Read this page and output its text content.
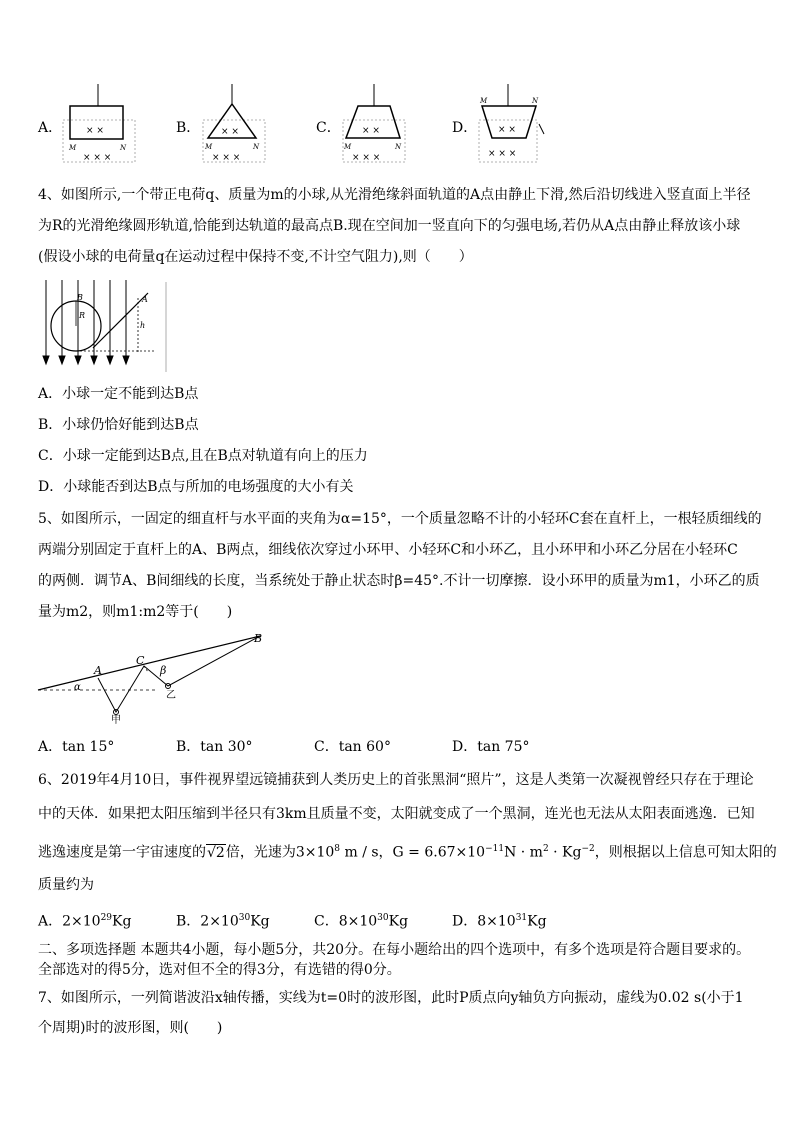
A．	B．	C．	D．
× ×
M	N
× × ×
× ×
M	N
× × ×
× ×
M	N
× × ×
M	N
× ×
× × ×
4、如图所示,一个带正电荷q、质量为m的小球,从光滑绝缘斜面轨道的A点由静止下滑,然后沿切线进入竖直面上半径
为R的光滑绝缘圆形轨道,恰能到达轨道的最高点B.现在空间加一竖直向下的匀强电场,若仍从A点由静止释放该小球
(假设小球的电荷量q在运动过程中保持不变,不计空气阻力),则（　　）
B
R
A
h
A．小球一定不能到达B点
B．小球仍恰好能到达B点
C．小球一定能到达B点,且在B点对轨道有向上的压力
D．小球能否到达B点与所加的电场强度的大小有关
5、如图所示，一固定的细直杆与水平面的夹角为α=15°，一个质量忽略不计的小轻环C套在直杆上，一根轻质细线的
两端分别固定于直杆上的A、B两点，细线依次穿过小环甲、小轻环C和小环乙，且小环甲和小环乙分居在小轻环C
的两侧．调节A、B间细线的长度，当系统处于静止状态时β=45°.不计一切摩擦．设小环甲的质量为m1，小环乙的质
量为m2，则m1:m2等于(　　)
A
B
C
β
α
甲
乙
A．tan 15°	B．tan 30°	C．tan 60°	D．tan 75°
6、2019年4月10日，事件视界望远镜捕获到人类历史上的首张黑洞“照片”，这是人类第一次凝视曾经只存在于理论
中的天体．如果把太阳压缩到半径只有3km且质量不变，太阳就变成了一个黑洞，连光也无法从太阳表面逃逸．已知
逃逸速度是第一宇宙速度的√2倍，光速为$3\times 10^8$ m / s，$G = 6.67\times 10^{-11}N \cdot m^2 \cdot Kg^{-2}$，则根据以上信息可知太阳的
质量约为
A．$2\times 10^{29}Kg$	B．$2\times 10^{30}Kg$	C．$8\times 10^{30}Kg$	D．$8\times 10^{31}Kg$
二、多项选择题 本题共4小题，每小题5分，共20分。在每小题给出的四个选项中，有多个选项是符合题目要求的。
全部选对的得5分，选对但不全的得3分，有选错的得0分。
7、如图所示，一列简谐波沿x轴传播，实线为t=0时的波形图，此时P质点向y轴负方向振动，虚线为0.02 s(小于1
个周期)时的波形图，则(　　)
